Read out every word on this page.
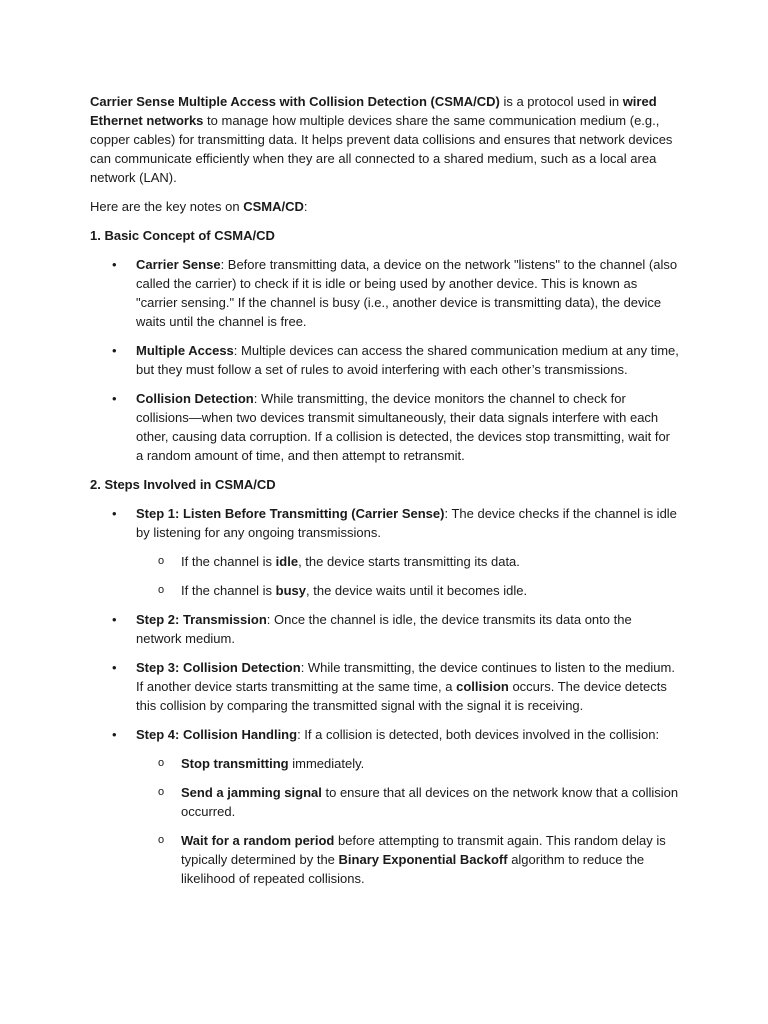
Carrier Sense Multiple Access with Collision Detection (CSMA/CD) is a protocol used in wired Ethernet networks to manage how multiple devices share the same communication medium (e.g., copper cables) for transmitting data. It helps prevent data collisions and ensures that network devices can communicate efficiently when they are all connected to a shared medium, such as a local area network (LAN).

Here are the key notes on CSMA/CD:

1. Basic Concept of CSMA/CD
• Carrier Sense: Before transmitting data, a device on the network "listens" to the channel (also called the carrier) to check if it is idle or being used by another device. This is known as "carrier sensing." If the channel is busy (i.e., another device is transmitting data), the device waits until the channel is free.
• Multiple Access: Multiple devices can access the shared communication medium at any time, but they must follow a set of rules to avoid interfering with each other’s transmissions.
• Collision Detection: While transmitting, the device monitors the channel to check for collisions—when two devices transmit simultaneously, their data signals interfere with each other, causing data corruption. If a collision is detected, the devices stop transmitting, wait for a random amount of time, and then attempt to retransmit.
2. Steps Involved in CSMA/CD
• Step 1: Listen Before Transmitting (Carrier Sense): The device checks if the channel is idle by listening for any ongoing transmissions.
o If the channel is idle, the device starts transmitting its data.
o If the channel is busy, the device waits until it becomes idle.
• Step 2: Transmission: Once the channel is idle, the device transmits its data onto the network medium.
• Step 3: Collision Detection: While transmitting, the device continues to listen to the medium. If another device starts transmitting at the same time, a collision occurs. The device detects this collision by comparing the transmitted signal with the signal it is receiving.
• Step 4: Collision Handling: If a collision is detected, both devices involved in the collision:
o Stop transmitting immediately.
o Send a jamming signal to ensure that all devices on the network know that a collision occurred.
o Wait for a random period before attempting to transmit again. This random delay is typically determined by the Binary Exponential Backoff algorithm to reduce the likelihood of repeated collisions.
